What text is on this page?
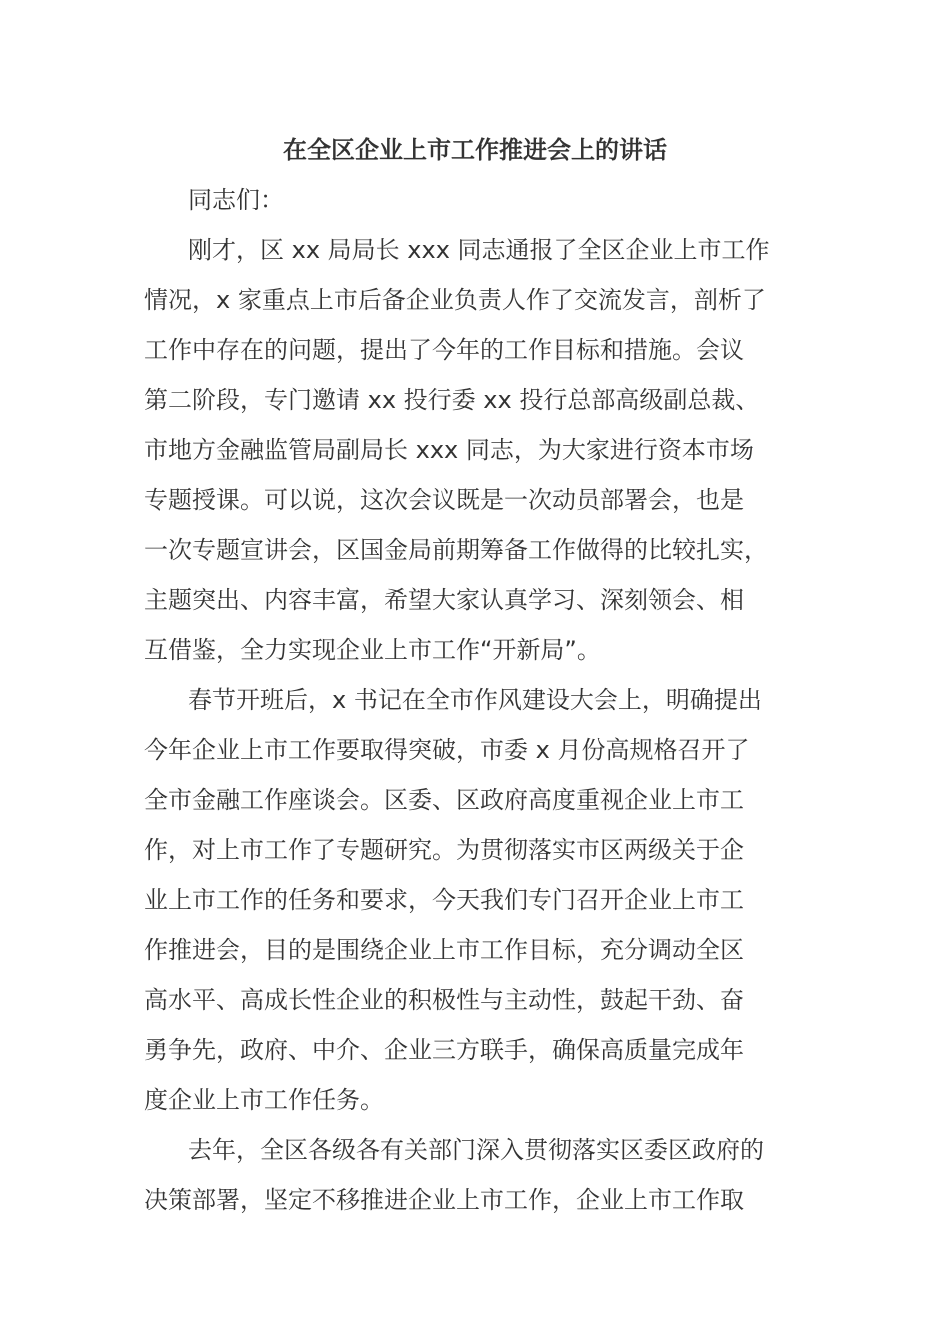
在全区企业上市工作推进会上的讲话
同志们：
刚才，区 xx 局局长 xxx 同志通报了全区企业上市工作
情况，x 家重点上市后备企业负责人作了交流发言，剖析了
工作中存在的问题，提出了今年的工作目标和措施。会议
第二阶段，专门邀请 xx 投行委 xx 投行总部高级副总裁、
市地方金融监管局副局长 xxx 同志，为大家进行资本市场
专题授课。可以说，这次会议既是一次动员部署会，也是
一次专题宣讲会，区国金局前期筹备工作做得的比较扎实，
主题突出、内容丰富，希望大家认真学习、深刻领会、相
互借鉴，全力实现企业上市工作“开新局”。
春节开班后，x 书记在全市作风建设大会上，明确提出
今年企业上市工作要取得突破，市委 x 月份高规格召开了
全市金融工作座谈会。区委、区政府高度重视企业上市工
作，对上市工作了专题研究。为贯彻落实市区两级关于企
业上市工作的任务和要求，今天我们专门召开企业上市工
作推进会，目的是围绕企业上市工作目标，充分调动全区
高水平、高成长性企业的积极性与主动性，鼓起干劲、奋
勇争先，政府、中介、企业三方联手，确保高质量完成年
度企业上市工作任务。
去年，全区各级各有关部门深入贯彻落实区委区政府的
决策部署，坚定不移推进企业上市工作，企业上市工作取
